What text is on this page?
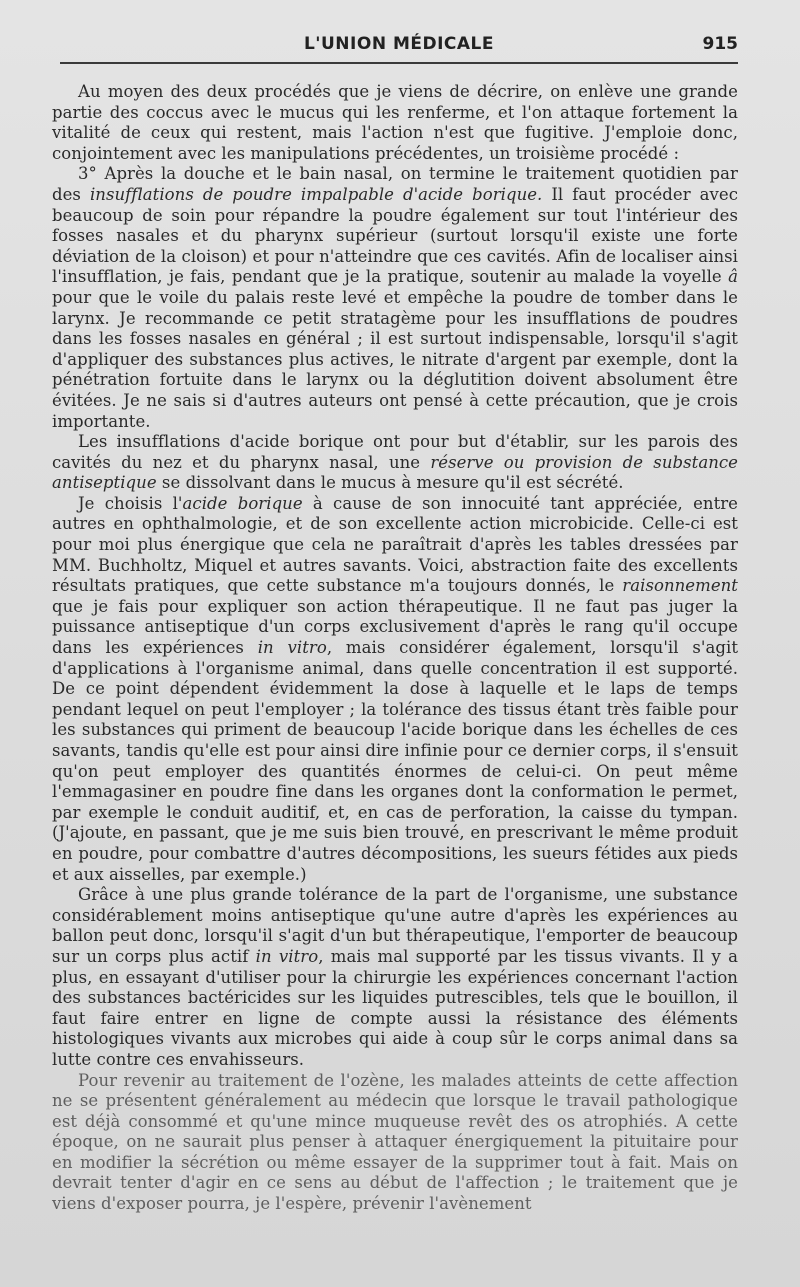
L'UNION MÉDICALE	915

Au moyen des deux procédés que je viens de décrire, on enlève une grande partie des coccus avec le mucus qui les renferme, et l'on attaque fortement la vitalité de ceux qui restent, mais l'action n'est que fugitive. J'emploie donc, conjointement avec les manipulations précédentes, un troisième procédé :

3° Après la douche et le bain nasal, on termine le traitement quotidien par des insufflations de poudre impalpable d'acide borique. Il faut procéder avec beaucoup de soin pour répandre la poudre également sur tout l'intérieur des fosses nasales et du pharynx supérieur (surtout lorsqu'il existe une forte déviation de la cloison) et pour n'atteindre que ces cavités. Afin de localiser ainsi l'insufflation, je fais, pendant que je la pratique, soutenir au malade la voyelle â pour que le voile du palais reste levé et empêche la poudre de tomber dans le larynx. Je recommande ce petit stratagème pour les insufflations de poudres dans les fosses nasales en général ; il est surtout indispensable, lorsqu'il s'agit d'appliquer des substances plus actives, le nitrate d'argent par exemple, dont la pénétration fortuite dans le larynx ou la déglutition doivent absolument être évitées. Je ne sais si d'autres auteurs ont pensé à cette précaution, que je crois importante.

Les insufflations d'acide borique ont pour but d'établir, sur les parois des cavités du nez et du pharynx nasal, une réserve ou provision de substance antiseptique se dissolvant dans le mucus à mesure qu'il est sécrété.

Je choisis l'acide borique à cause de son innocuité tant appréciée, entre autres en ophthalmologie, et de son excellente action microbicide. Celle-ci est pour moi plus énergique que cela ne paraîtrait d'après les tables dressées par MM. Buchholtz, Miquel et autres savants. Voici, abstraction faite des excellents résultats pratiques, que cette substance m'a toujours donnés, le raisonnement que je fais pour expliquer son action thérapeutique. Il ne faut pas juger la puissance antiseptique d'un corps exclusivement d'après le rang qu'il occupe dans les expériences in vitro, mais considérer également, lorsqu'il s'agit d'applications à l'organisme animal, dans quelle concentration il est supporté. De ce point dépendent évidemment la dose à laquelle et le laps de temps pendant lequel on peut l'employer ; la tolérance des tissus étant très faible pour les substances qui priment de beaucoup l'acide borique dans les échelles de ces savants, tandis qu'elle est pour ainsi dire infinie pour ce dernier corps, il s'ensuit qu'on peut employer des quantités énormes de celui-ci. On peut même l'emmagasiner en poudre fine dans les organes dont la conformation le permet, par exemple le conduit auditif, et, en cas de perforation, la caisse du tympan. (J'ajoute, en passant, que je me suis bien trouvé, en prescrivant le même produit en poudre, pour combattre d'autres décompositions, les sueurs fétides aux pieds et aux aisselles, par exemple.)

Grâce à une plus grande tolérance de la part de l'organisme, une substance considérablement moins antiseptique qu'une autre d'après les expériences au ballon peut donc, lorsqu'il s'agit d'un but thérapeutique, l'emporter de beaucoup sur un corps plus actif in vitro, mais mal supporté par les tissus vivants. Il y a plus, en essayant d'utiliser pour la chirurgie les expériences concernant l'action des substances bactéricides sur les liquides putrescibles, tels que le bouillon, il faut faire entrer en ligne de compte aussi la résistance des éléments histologiques vivants aux microbes qui aide à coup sûr le corps animal dans sa lutte contre ces envahisseurs.

Pour revenir au traitement de l'ozène, les malades atteints de cette affection ne se présentent généralement au médecin que lorsque le travail pathologique est déjà consommé et qu'une mince muqueuse revêt des os atrophiés. A cette époque, on ne saurait plus penser à attaquer énergiquement la pituitaire pour en modifier la sécrétion ou même essayer de la supprimer tout à fait. Mais on devrait tenter d'agir en ce sens au début de l'affection ; le traitement que je viens d'exposer pourra, je l'espère, prévenir l'avènement
